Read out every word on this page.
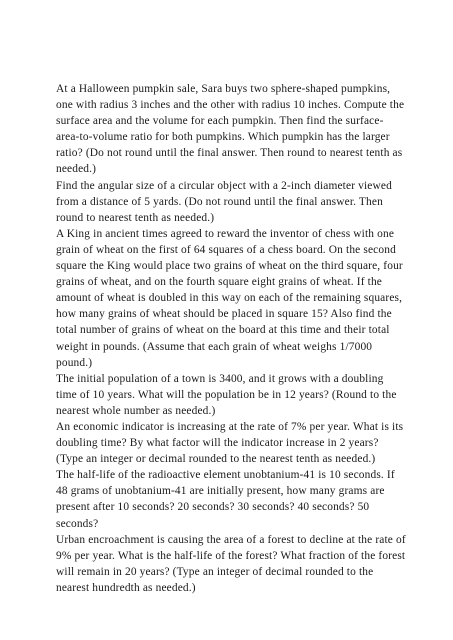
At a Halloween pumpkin sale, Sara buys two sphere-shaped pumpkins, one with radius 3 inches and the other with radius 10 inches. Compute the surface area and the volume for each pumpkin. Then find the surface-area-to-volume ratio for both pumpkins. Which pumpkin has the larger ratio? (Do not round until the final answer. Then round to nearest tenth as needed.)

Find the angular size of a circular object with a 2-inch diameter viewed from a distance of 5 yards. (Do not round until the final answer. Then round to nearest tenth as needed.)

A King in ancient times agreed to reward the inventor of chess with one grain of wheat on the first of 64 squares of a chess board. On the second square the King would place two grains of wheat on the third square, four grains of wheat, and on the fourth square eight grains of wheat. If the amount of wheat is doubled in this way on each of the remaining squares, how many grains of wheat should be placed in square 15? Also find the total number of grains of wheat on the board at this time and their total weight in pounds. (Assume that each grain of wheat weighs 1/7000 pound.)

The initial population of a town is 3400, and it grows with a doubling time of 10 years. What will the population be in 12 years? (Round to the nearest whole number as needed.)

An economic indicator is increasing at the rate of 7% per year. What is its doubling time? By what factor will the indicator increase in 2 years? (Type an integer or decimal rounded to the nearest tenth as needed.)

The half-life of the radioactive element unobtanium-41 is 10 seconds. If 48 grams of unobtanium-41 are initially present, how many grams are present after 10 seconds? 20 seconds? 30 seconds? 40 seconds? 50 seconds?

Urban encroachment is causing the area of a forest to decline at the rate of 9% per year. What is the half-life of the forest? What fraction of the forest will remain in 20 years? (Type an integer of decimal rounded to the nearest hundredth as needed.)
